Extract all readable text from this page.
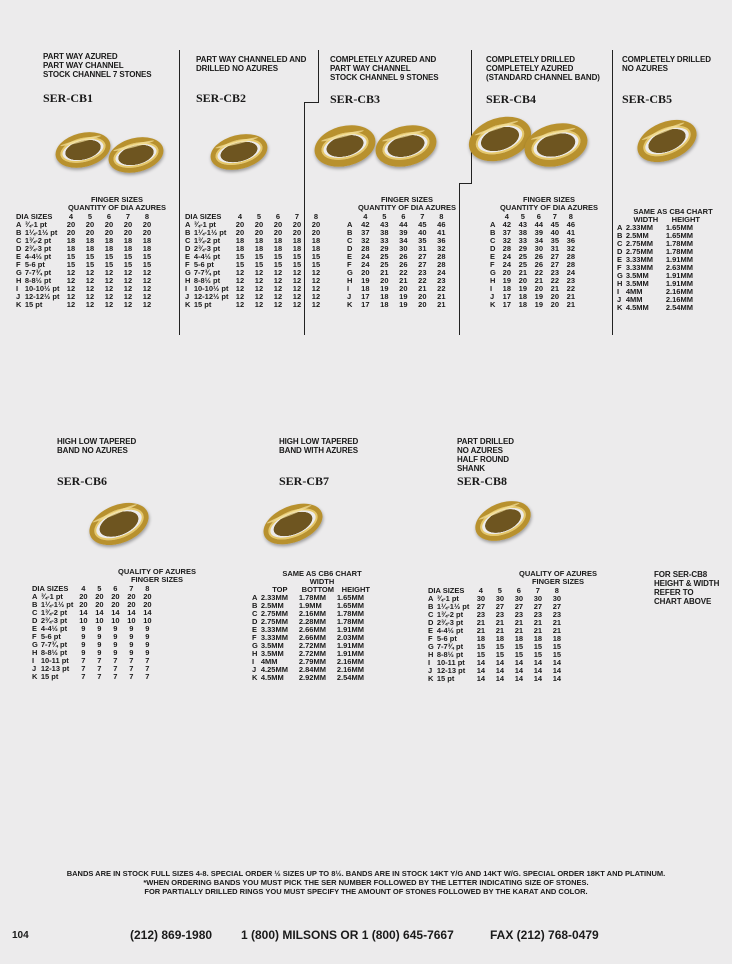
PART WAY AZURED
PART WAY CHANNEL
STOCK CHANNEL 7 STONES
SER-CB1
PART WAY CHANNELED AND
DRILLED NO AZURES
SER-CB2
COMPLETELY AZURED AND
PART WAY CHANNEL
STOCK CHANNEL 9 STONES
SER-CB3
COMPLETELY DRILLED
COMPLETELY AZURED
(STANDARD CHANNEL BAND)
SER-CB4
COMPLETELY DRILLED
NO AZURES
SER-CB5
HIGH LOW TAPERED
BAND NO AZURES
SER-CB6
HIGH LOW TAPERED
BAND WITH AZURES
SER-CB7
PART DRILLED
NO AZURES
HALF ROUND
SHANK
SER-CB8
FINGER SIZES
QUANTITY OF DIA AZURES
DIA SIZES		4	5	6	7	8
A	¾-1 pt	20	20	20	20	20
B	1¼-1½ pt	20	20	20	20	20
C	1¾-2 pt	18	18	18	18	18
D	2¾-3 pt	18	18	18	18	18
E	4-4½ pt	15	15	15	15	15
F	5-6 pt	15	15	15	15	15
G	7-7¾ pt	12	12	12	12	12
H	8-8½ pt	12	12	12	12	12
I	10-10½ pt	12	12	12	12	12
J	12-12½ pt	12	12	12	12	12
K	15 pt	12	12	12	12	12
DIA SIZES		4	5	6	7	8
A	¾-1 pt	20	20	20	20	20
B	1¼-1½ pt	20	20	20	20	20
C	1¾-2 pt	18	18	18	18	18
D	2¾-3 pt	18	18	18	18	18
E	4-4½ pt	15	15	15	15	15
F	5-6 pt	15	15	15	15	15
G	7-7¾ pt	12	12	12	12	12
H	8-8½ pt	12	12	12	12	12
I	10-10½ pt	12	12	12	12	12
J	12-12½ pt	12	12	12	12	12
K	15 pt	12	12	12	12	12
FINGER SIZES
QUANTITY OF DIA AZURES
	4	5	6	7	8
A	42	43	44	45	46
B	37	38	39	40	41
C	32	33	34	35	36
D	28	29	30	31	32
E	24	25	26	27	28
F	24	25	26	27	28
G	20	21	22	23	24
H	19	20	21	22	23
I	18	19	20	21	22
J	17	18	19	20	21
K	17	18	19	20	21
FINGER SIZES
QUANTITY OF DIA AZURES
	4	5	6	7	8
A	42	43	44	45	46
B	37	38	39	40	41
C	32	33	34	35	36
D	28	29	30	31	32
E	24	25	26	27	28
F	24	25	26	27	28
G	20	21	22	23	24
H	19	20	21	22	23
I	18	19	20	21	22
J	17	18	19	20	21
K	17	18	19	20	21
SAME AS CB4 CHART
	WIDTH	HEIGHT
A	2.33MM	1.65MM
B	2.5MM	1.65MM
C	2.75MM	1.78MM
D	2.75MM	1.78MM
E	3.33MM	1.91MM
F	3.33MM	2.63MM
G	3.5MM	1.91MM
H	3.5MM	1.91MM
I	4MM	2.16MM
J	4MM	2.16MM
K	4.5MM	2.54MM
QUALITY OF AZURES
FINGER SIZES
DIA SIZES		4	5	6	7	8
A	¾-1 pt	20	20	20	20	20
B	1¼-1½ pt	20	20	20	20	20
C	1¾-2 pt	14	14	14	14	14
D	2¾-3 pt	10	10	10	10	10
E	4-4½ pt	9	9	9	9	9
F	5-6 pt	9	9	9	9	9
G	7-7¾ pt	9	9	9	9	9
H	8-8½ pt	9	9	9	9	9
I	10-11 pt	7	7	7	7	7
J	12-13 pt	7	7	7	7	7
K	15 pt	7	7	7	7	7
SAME AS CB6 CHART
WIDTH
	TOP	BOTTOM	HEIGHT
A	2.33MM	1.78MM	1.65MM
B	2.5MM	1.9MM	1.65MM
C	2.75MM	2.16MM	1.78MM
D	2.75MM	2.28MM	1.78MM
E	3.33MM	2.66MM	1.91MM
F	3.33MM	2.66MM	2.03MM
G	3.5MM	2.72MM	1.91MM
H	3.5MM	2.72MM	1.91MM
I	4MM	2.79MM	2.16MM
J	4.25MM	2.84MM	2.16MM
K	4.5MM	2.92MM	2.54MM
QUALITY OF AZURES
FINGER SIZES
DIA SIZES		4	5	6	7	8
A	¾-1 pt	30	30	30	30	30
B	1¼-1½ pt	27	27	27	27	27
C	1¾-2 pt	23	23	23	23	23
D	2¾-3 pt	21	21	21	21	21
E	4-4½ pt	21	21	21	21	21
F	5-6 pt	18	18	18	18	18
G	7-7¾ pt	15	15	15	15	15
H	8-8½ pt	15	15	15	15	15
I	10-11 pt	14	14	14	14	14
J	12-13 pt	14	14	14	14	14
K	15 pt	14	14	14	14	14
FOR SER-CB8
HEIGHT & WIDTH
REFER TO
CHART ABOVE
BANDS ARE IN STOCK FULL SIZES 4-8. SPECIAL ORDER ½ SIZES UP TO 8½. BANDS ARE IN STOCK 14KT Y/G AND 14KT W/G. SPECIAL ORDER 18KT AND PLATINUM.
*WHEN ORDERING BANDS YOU MUST PICK THE SER NUMBER FOLLOWED BY THE LETTER INDICATING SIZE OF STONES.
FOR PARTIALLY DRILLED RINGS YOU MUST SPECIFY THE AMOUNT OF STONES FOLLOWED BY THE KARAT AND COLOR.
104	(212) 869-1980 1 (800) MILSONS OR 1 (800) 645-7667	FAX (212) 768-0479
